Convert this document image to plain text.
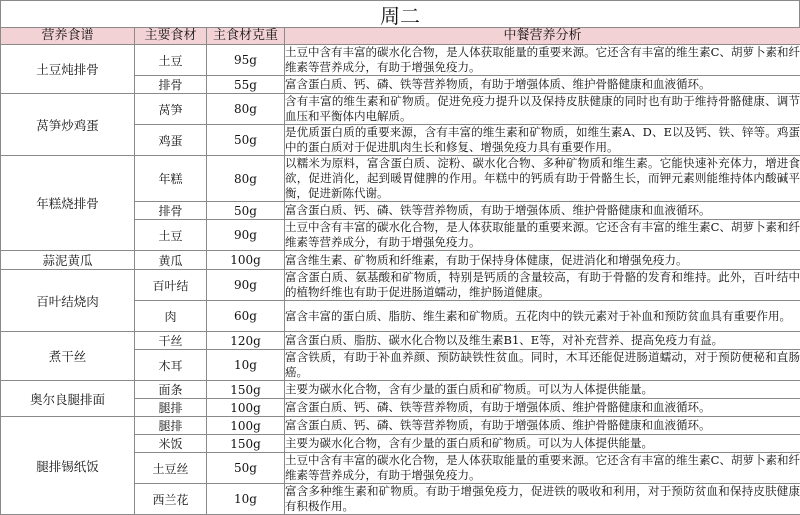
周二
营养食谱	主要食材	主食材克重	中餐营养分析
土豆炖排骨	土豆	95g	土豆中含有丰富的碳水化合物，是人体获取能量的重要来源。它还含有丰富的维生素C、胡萝卜素和纤维素等营养成分，有助于增强免疫力。
	排骨	55g	富含蛋白质、钙、磷、铁等营养物质，有助于增强体质、维护骨骼健康和血液循环。
莴笋炒鸡蛋	莴笋	80g	含有丰富的维生素和矿物质。促进免疫力提升以及保持皮肤健康的同时也有助于维持骨骼健康、调节血压和平衡体内电解质。
	鸡蛋	50g	是优质蛋白质的重要来源，含有丰富的维生素和矿物质，如维生素A、D、E以及钙、铁、锌等。鸡蛋中的蛋白质对于促进肌肉生长和修复、增强免疫力具有重要作用。
年糕烧排骨	年糕	80g	以糯米为原料，富含蛋白质、淀粉、碳水化合物、多种矿物质和维生素。它能快速补充体力，增进食欲，促进消化，起到暖胃健脾的作用。年糕中的钙质有助于骨骼生长，而钾元素则能维持体内酸碱平衡，促进新陈代谢。
	排骨	50g	富含蛋白质、钙、磷、铁等营养物质，有助于增强体质、维护骨骼健康和血液循环。
	土豆	90g	土豆中含有丰富的碳水化合物，是人体获取能量的重要来源。它还含有丰富的维生素C、胡萝卜素和纤维素等营养成分，有助于增强免疫力。
蒜泥黄瓜	黄瓜	100g	富含维生素、矿物质和纤维素，有助于保持身体健康，促进消化和增强免疫力。
百叶结烧肉	百叶结	90g	富含蛋白质、氨基酸和矿物质，特别是钙质的含量较高，有助于骨骼的发育和维持。此外，百叶结中的植物纤维也有助于促进肠道蠕动，维护肠道健康。
	肉	60g	富含丰富的蛋白质、脂肪、维生素和矿物质。五花肉中的铁元素对于补血和预防贫血具有重要作用。
煮干丝	干丝	120g	富含蛋白质、脂肪、碳水化合物以及维生素B1、E等，对补充营养、提高免疫力有益。
	木耳	10g	富含铁质，有助于补血养颜、预防缺铁性贫血。同时，木耳还能促进肠道蠕动，对于预防便秘和直肠癌。
奥尔良腿排面	面条	150g	主要为碳水化合物，含有少量的蛋白质和矿物质。可以为人体提供能量。
	腿排	100g	富含蛋白质、钙、磷、铁等营养物质，有助于增强体质、维护骨骼健康和血液循环。
腿排锡纸饭	腿排	100g	富含蛋白质、钙、磷、铁等营养物质，有助于增强体质、维护骨骼健康和血液循环。
	米饭	150g	主要为碳水化合物，含有少量的蛋白质和矿物质。可以为人体提供能量。
	土豆丝	50g	土豆中含有丰富的碳水化合物，是人体获取能量的重要来源。它还含有丰富的维生素C、胡萝卜素和纤维素等营养成分，有助于增强免疫力。
	西兰花	10g	富含多种维生素和矿物质。有助于增强免疫力，促进铁的吸收和利用，对于预防贫血和保持皮肤健康有积极作用。
